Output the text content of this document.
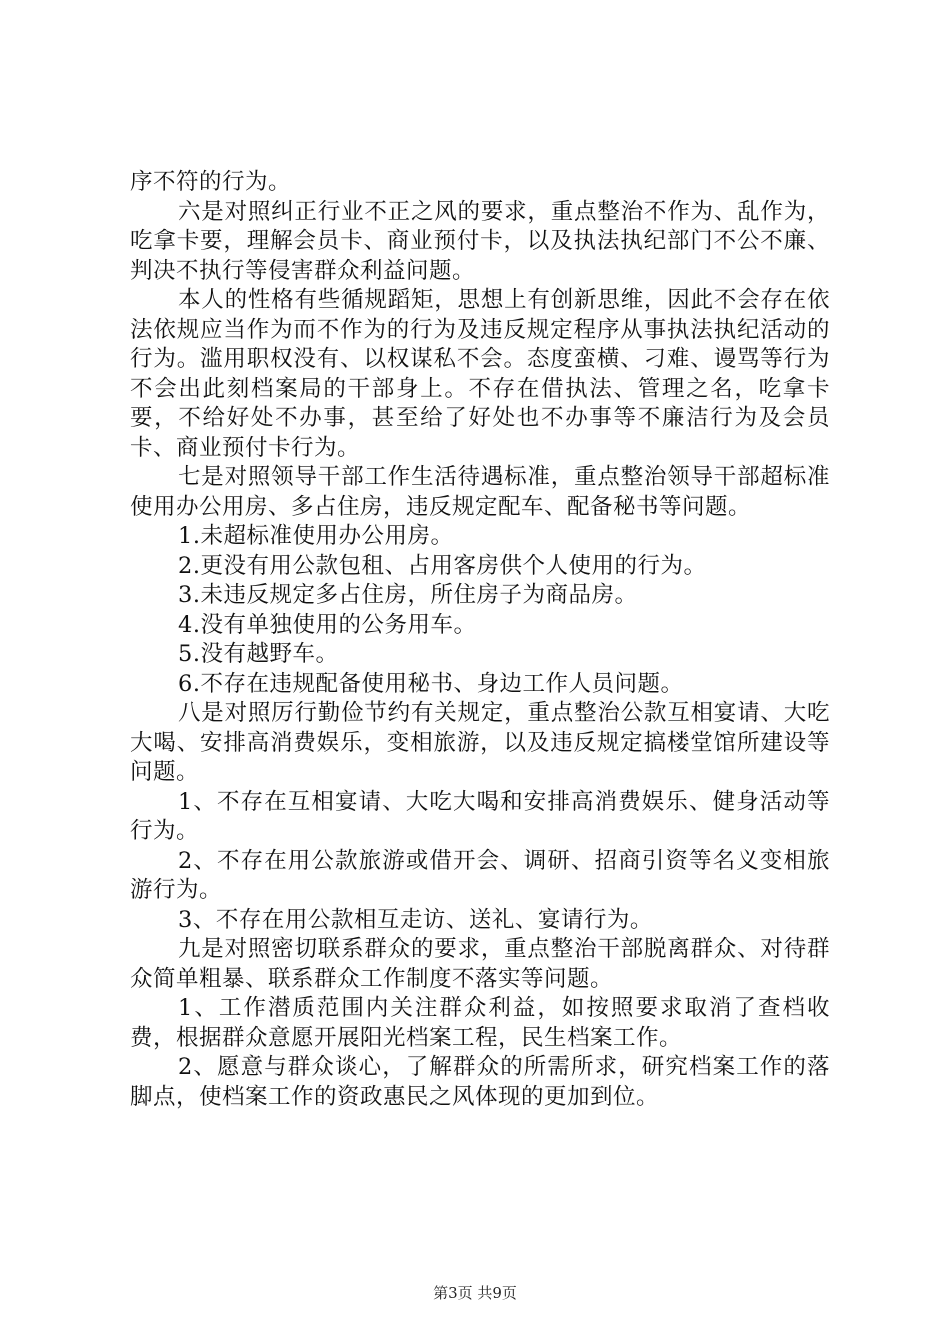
序不符的行为。

六是对照纠正行业不正之风的要求，重点整治不作为、乱作为，吃拿卡要，理解会员卡、商业预付卡，以及执法执纪部门不公不廉、判决不执行等侵害群众利益问题。

本人的性格有些循规蹈矩，思想上有创新思维，因此不会存在依法依规应当作为而不作为的行为及违反规定程序从事执法执纪活动的行为。滥用职权没有、以权谋私不会。态度蛮横、刁难、谩骂等行为不会出此刻档案局的干部身上。不存在借执法、管理之名，吃拿卡要，不给好处不办事，甚至给了好处也不办事等不廉洁行为及会员卡、商业预付卡行为。

七是对照领导干部工作生活待遇标准，重点整治领导干部超标准使用办公用房、多占住房，违反规定配车、配备秘书等问题。

1.未超标准使用办公用房。

2.更没有用公款包租、占用客房供个人使用的行为。

3.未违反规定多占住房，所住房子为商品房。

4.没有单独使用的公务用车。

5.没有越野车。

6.不存在违规配备使用秘书、身边工作人员问题。

八是对照厉行勤俭节约有关规定，重点整治公款互相宴请、大吃大喝、安排高消费娱乐，变相旅游，以及违反规定搞楼堂馆所建设等问题。

1、不存在互相宴请、大吃大喝和安排高消费娱乐、健身活动等行为。

2、不存在用公款旅游或借开会、调研、招商引资等名义变相旅游行为。

3、不存在用公款相互走访、送礼、宴请行为。

九是对照密切联系群众的要求，重点整治干部脱离群众、对待群众简单粗暴、联系群众工作制度不落实等问题。

1、工作潜质范围内关注群众利益，如按照要求取消了查档收费，根据群众意愿开展阳光档案工程，民生档案工作。

2、愿意与群众谈心，了解群众的所需所求，研究档案工作的落脚点，使档案工作的资政惠民之风体现的更加到位。

第3页 共9页
